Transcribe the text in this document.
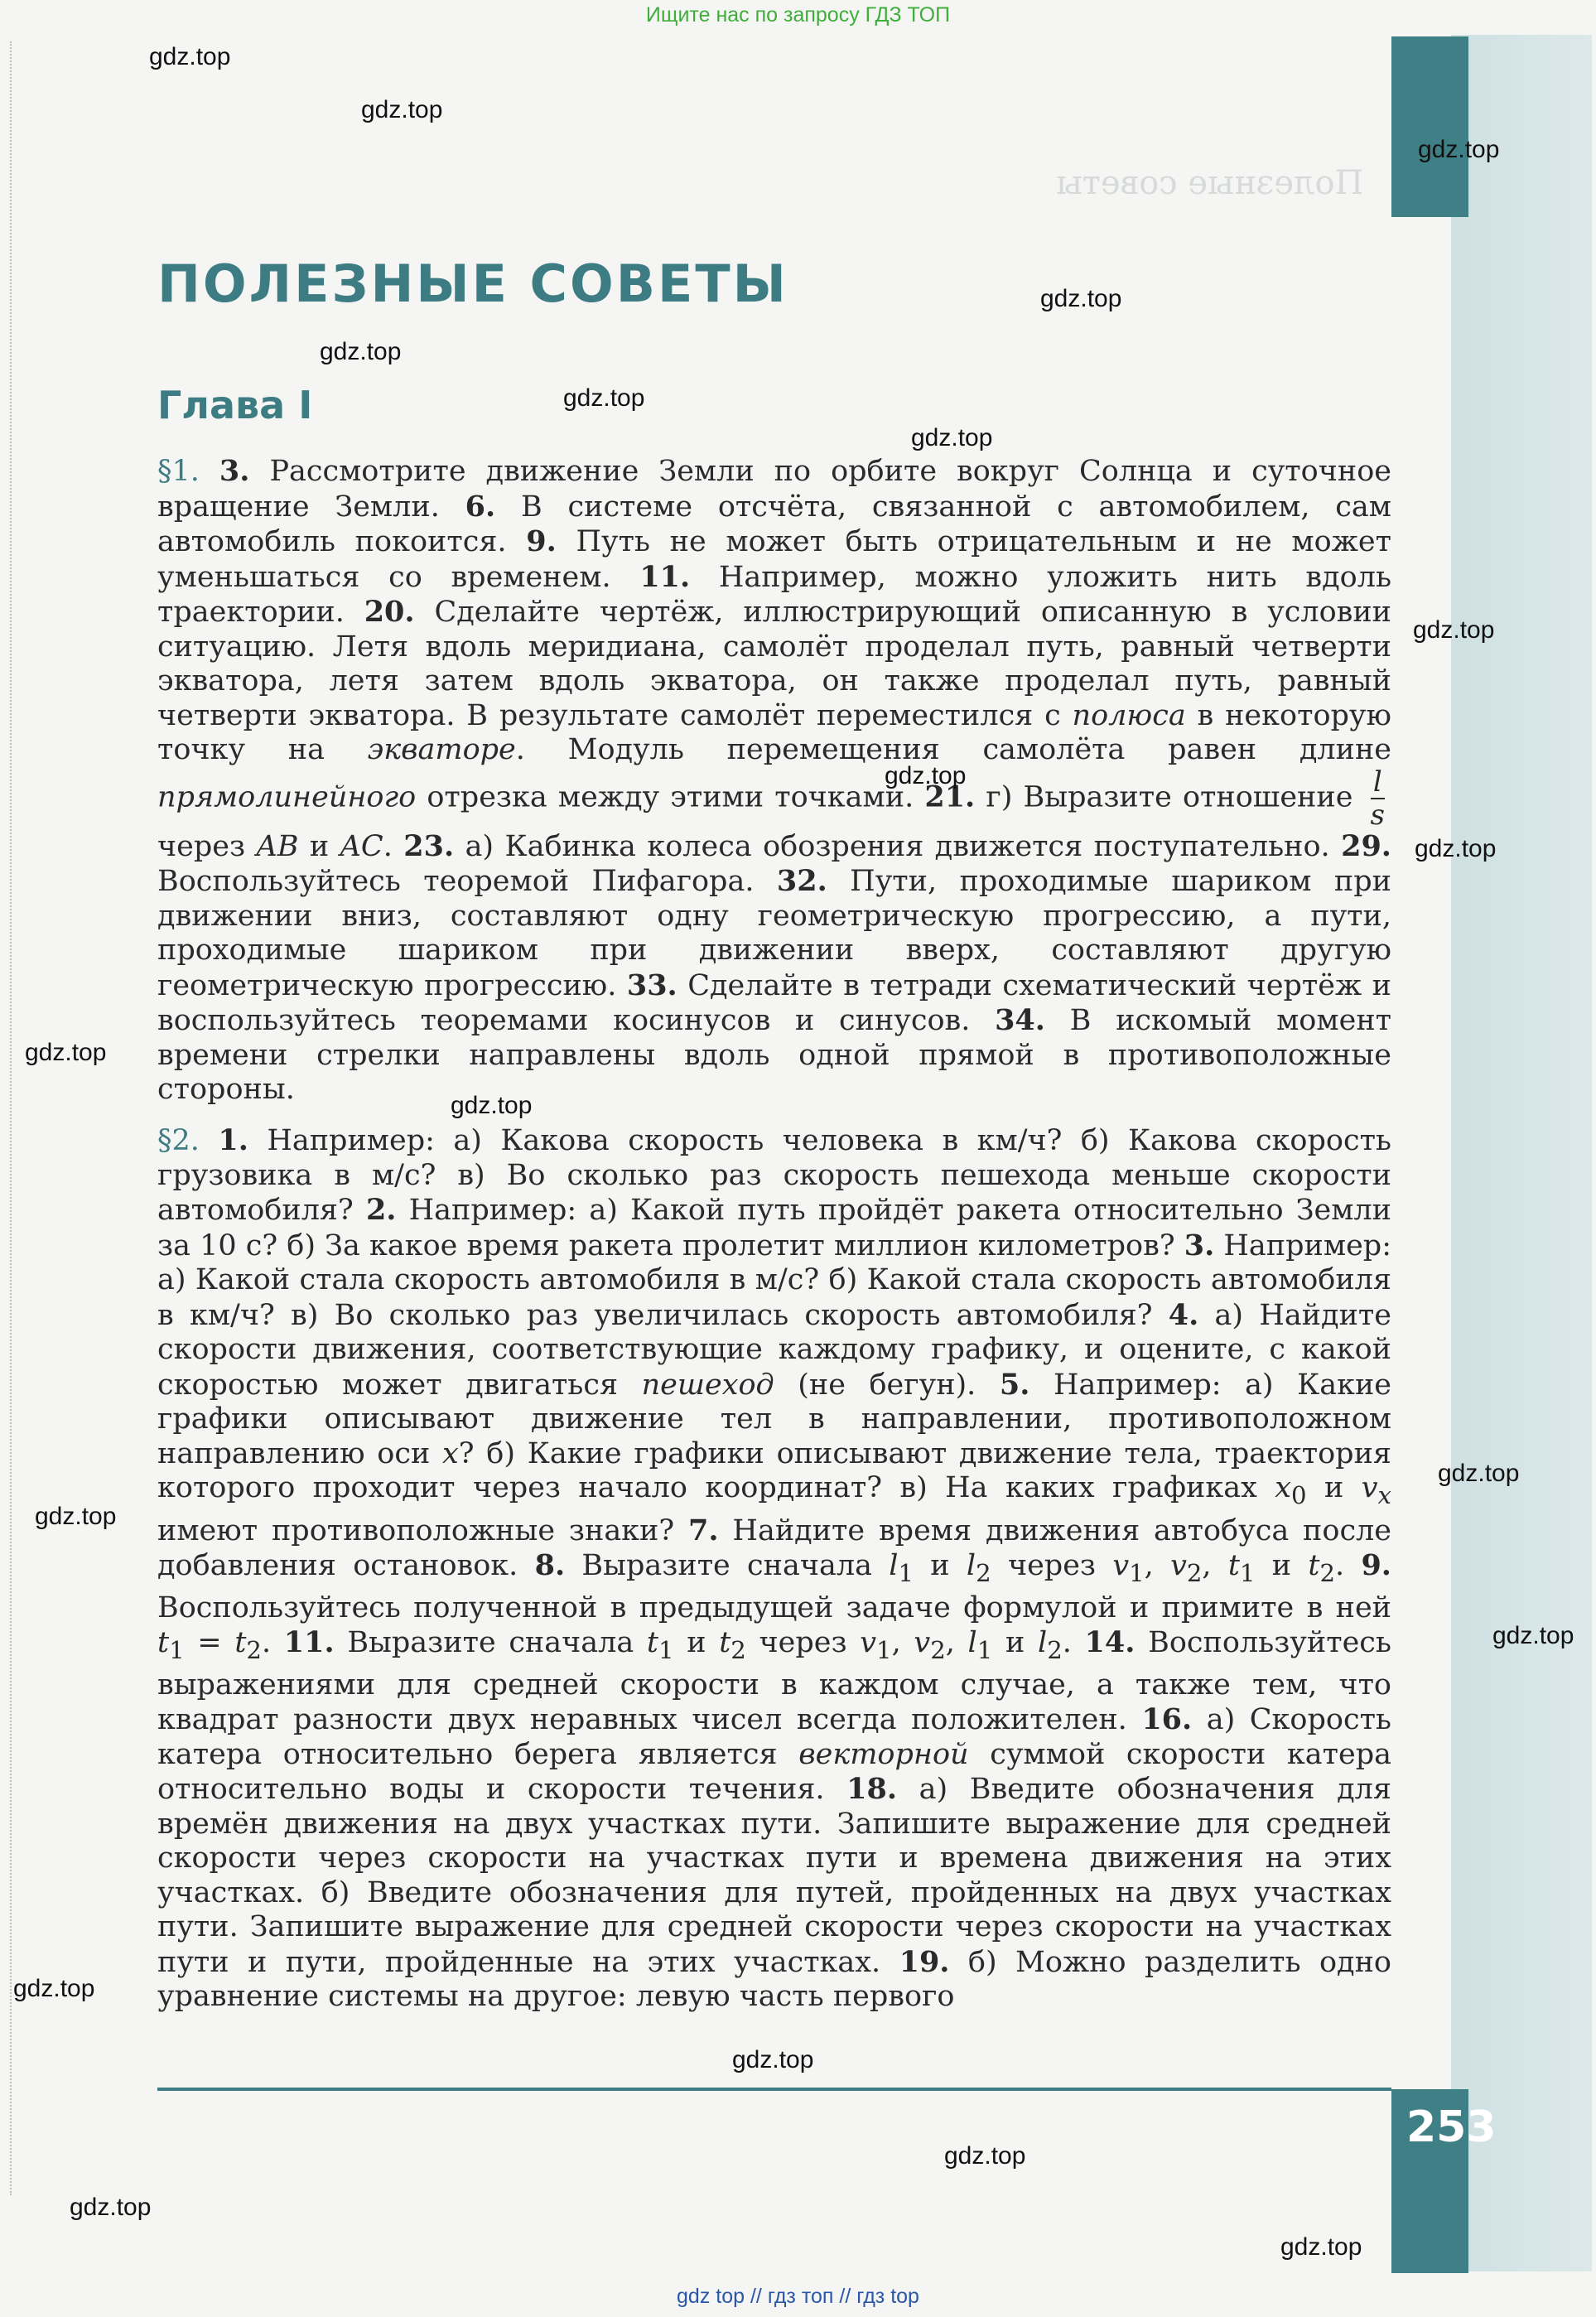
Ищите нас по запросу ГДЗ ТОП
Полезные советы
ПОЛЕЗНЫЕ СОВЕТЫ
Глава I
§1. 3. Рассмотрите движение Земли по орбите вокруг Солнца и суточное вращение Земли. 6. В системе отсчёта, связанной с автомобилем, сам автомобиль покоится. 9. Путь не может быть отрицательным и не может уменьшаться со временем. 11. Например, можно уложить нить вдоль траектории. 20. Сделайте чертёж, иллюстрирующий описанную в условии ситуацию. Летя вдоль меридиана, самолёт проделал путь, равный четверти экватора, летя затем вдоль экватора, он также проделал путь, равный четверти экватора. В результате самолёт переместился с полюса в некоторую точку на экваторе. Модуль перемещения самолёта равен длине прямолинейного отрезка между этими точками. 21. г) Выразите отношение $\frac{l}{s}$
через AB и AC. 23. а) Кабинка колеса обозрения движется поступательно. 29. Воспользуйтесь теоремой Пифагора. 32. Пути, проходимые шариком при движении вниз, составляют одну геометрическую прогрессию, а пути, проходимые шариком при движении вверх, составляют другую геометрическую прогрессию. 33. Сделайте в тетради схематический чертёж и воспользуйтесь теоремами косинусов и синусов. 34. В искомый момент времени стрелки направлены вдоль одной прямой в противоположные стороны.
§2. 1. Например: а) Какова скорость человека в км/ч? б) Какова скорость грузовика в м/с? в) Во сколько раз скорость пешехода меньше скорости автомобиля? 2. Например: а) Какой путь пройдёт ракета относительно Земли за 10 с? б) За какое время ракета пролетит миллион километров? 3. Например: а) Какой стала скорость автомобиля в м/с? б) Какой стала скорость автомобиля в км/ч? в) Во сколько раз увеличилась скорость автомобиля? 4. а) Найдите скорости движения, соответствующие каждому графику, и оцените, с какой скоростью может двигаться пешеход (не бегун). 5. Например: а) Какие графики описывают движение тел в направлении, противоположном направлению оси x? б) Какие графики описывают движение тела, траектория которого проходит через начало координат? в) На каких графиках $x_0$ и $v_x$ имеют противоположные знаки? 7. Найдите время движения автобуса после добавления остановок. 8. Выразите сначала $l_1$ и $l_2$ через $v_1$, $v_2$, $t_1$ и $t_2$. 9. Воспользуйтесь полученной в предыдущей задаче формулой и примите в ней $t_1 = t_2$. 11. Выразите сначала $t_1$ и $t_2$ через $v_1$, $v_2$, $l_1$ и $l_2$. 14. Воспользуйтесь выражениями для средней скорости в каждом случае, а также тем, что квадрат разности двух неравных чисел всегда положителен. 16. а) Скорость катера относительно берега является векторной суммой скорости катера относительно воды и скорости течения. 18. а) Введите обозначения для времён движения на двух участках пути. Запишите выражение для средней скорости через скорости на участках пути и времена движения на этих участках. б) Введите обозначения для путей, пройденных на двух участках пути. Запишите выражение для средней скорости через скорости на участках пути и пути, пройденные на этих участках. 19. б) Можно разделить одно уравнение системы на другое: левую часть первого
253
gdz.top
gdz.top
gdz.top
gdz.top
gdz.top
gdz.top
gdz.top
gdz.top
gdz.top
gdz.top
gdz.top
gdz.top
gdz.top
gdz.top
gdz.top
gdz.top
gdz.top
gdz.top
gdz.top
gdz.top
gdz top // гдз топ // гдз top
